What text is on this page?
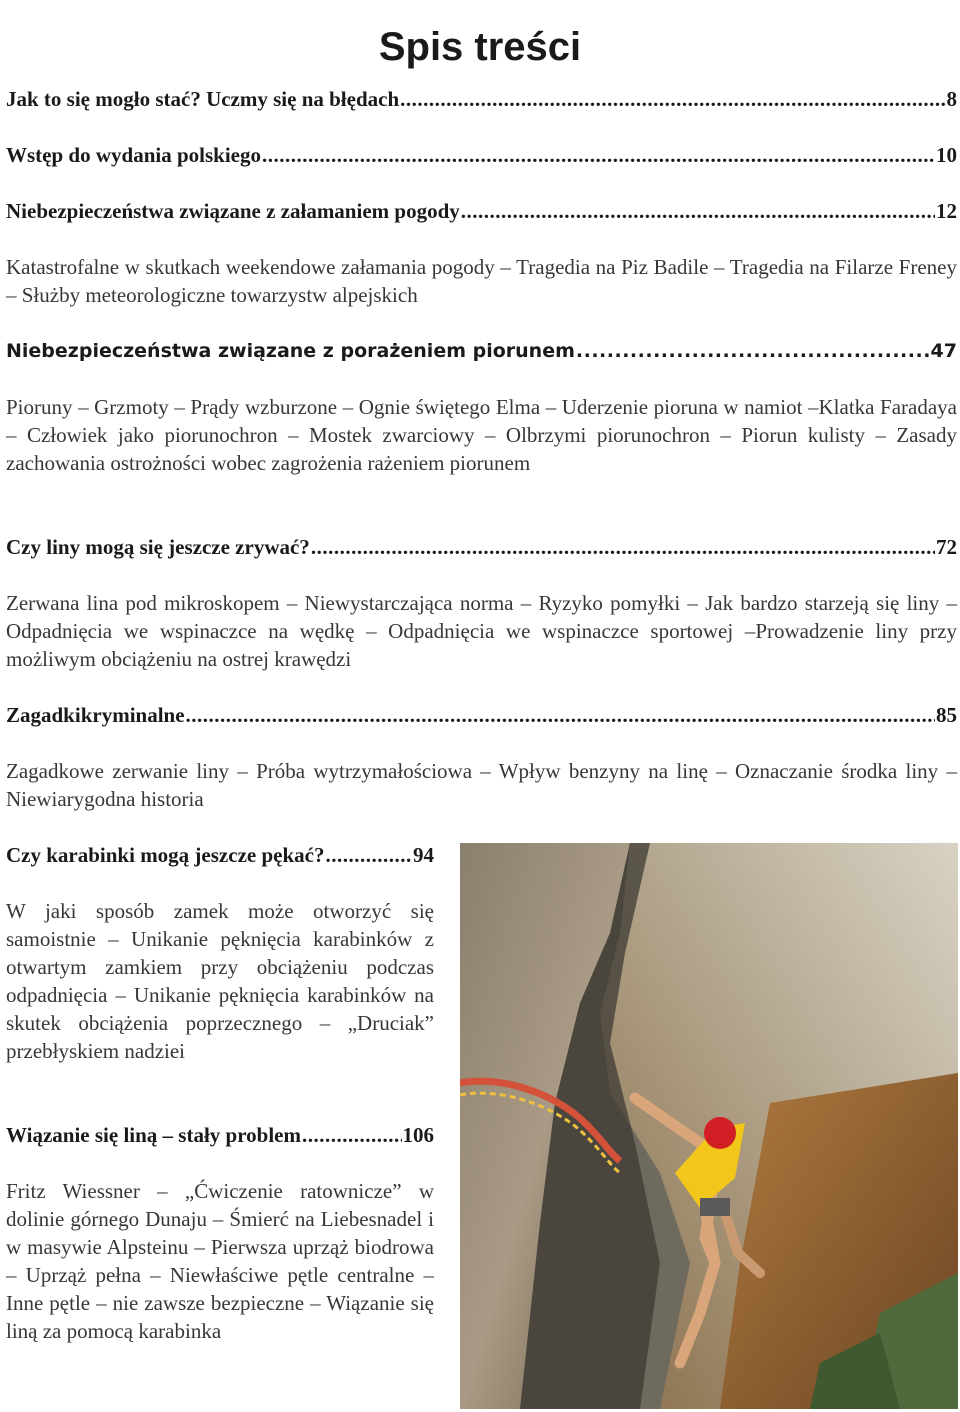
Spis treści
Jak to się mogło stać? Uczmy się na błędach .....	8
Wstęp do wydania polskiego .....	10
Niebezpieczeństwa związane z załamaniem pogody .....	12

Katastrofalne w skutkach weekendowe załamania pogody – Tragedia na Piz Badile – Tragedia na Filarze Freney – Służby meteorologiczne towarzystw alpejskich

Niebezpieczeństwa związane z porażeniem piorunem .....	47

Pioruny – Grzmoty – Prądy wzburzone – Ognie świętego Elma – Uderzenie pioruna w namiot –Klatka Faradaya – Człowiek jako piorunochron – Mostek zwarciowy – Olbrzymi piorunochron – Piorun kulisty – Zasady zachowania ostrożności wobec zagrożenia rażeniem piorunem

Czy liny mogą się jeszcze zrywać? .....	72

Zerwana lina pod mikroskopem – Niewystarczająca norma – Ryzyko pomyłki – Jak bardzo starzeją się liny – Odpadnięcia we wspinaczce na wędkę – Odpadnięcia we wspinaczce sportowej –Prowadzenie liny przy możliwym obciążeniu na ostrej krawędzi

Zagadkikryminalne .....	85

Zagadkowe zerwanie liny – Próba wytrzymałościowa – Wpływ benzyny na linę – Oznaczanie środka liny – Niewiarygodna historia

Czy karabinki mogą jeszcze pękać? .....	94

W jaki sposób zamek może otworzyć się samoistnie – Unikanie pęknięcia karabinków z otwartym zamkiem przy obciążeniu podczas odpadnięcia – Unikanie pęknięcia karabinków na skutek obciążenia poprzecznego – „Druciak” przebłyskiem nadziei

Wiązanie się liną – stały problem .....	106

Fritz Wiessner – „Ćwiczenie ratownicze” w dolinie górnego Dunaju – Śmierć na Liebesnadel i w masywie Alpsteinu – Pierwsza uprząż biodrowa – Uprząż pełna – Niewłaściwe pętle centralne – Inne pętle – nie zawsze bezpieczne – Wiązanie się liną za pomocą karabinka
